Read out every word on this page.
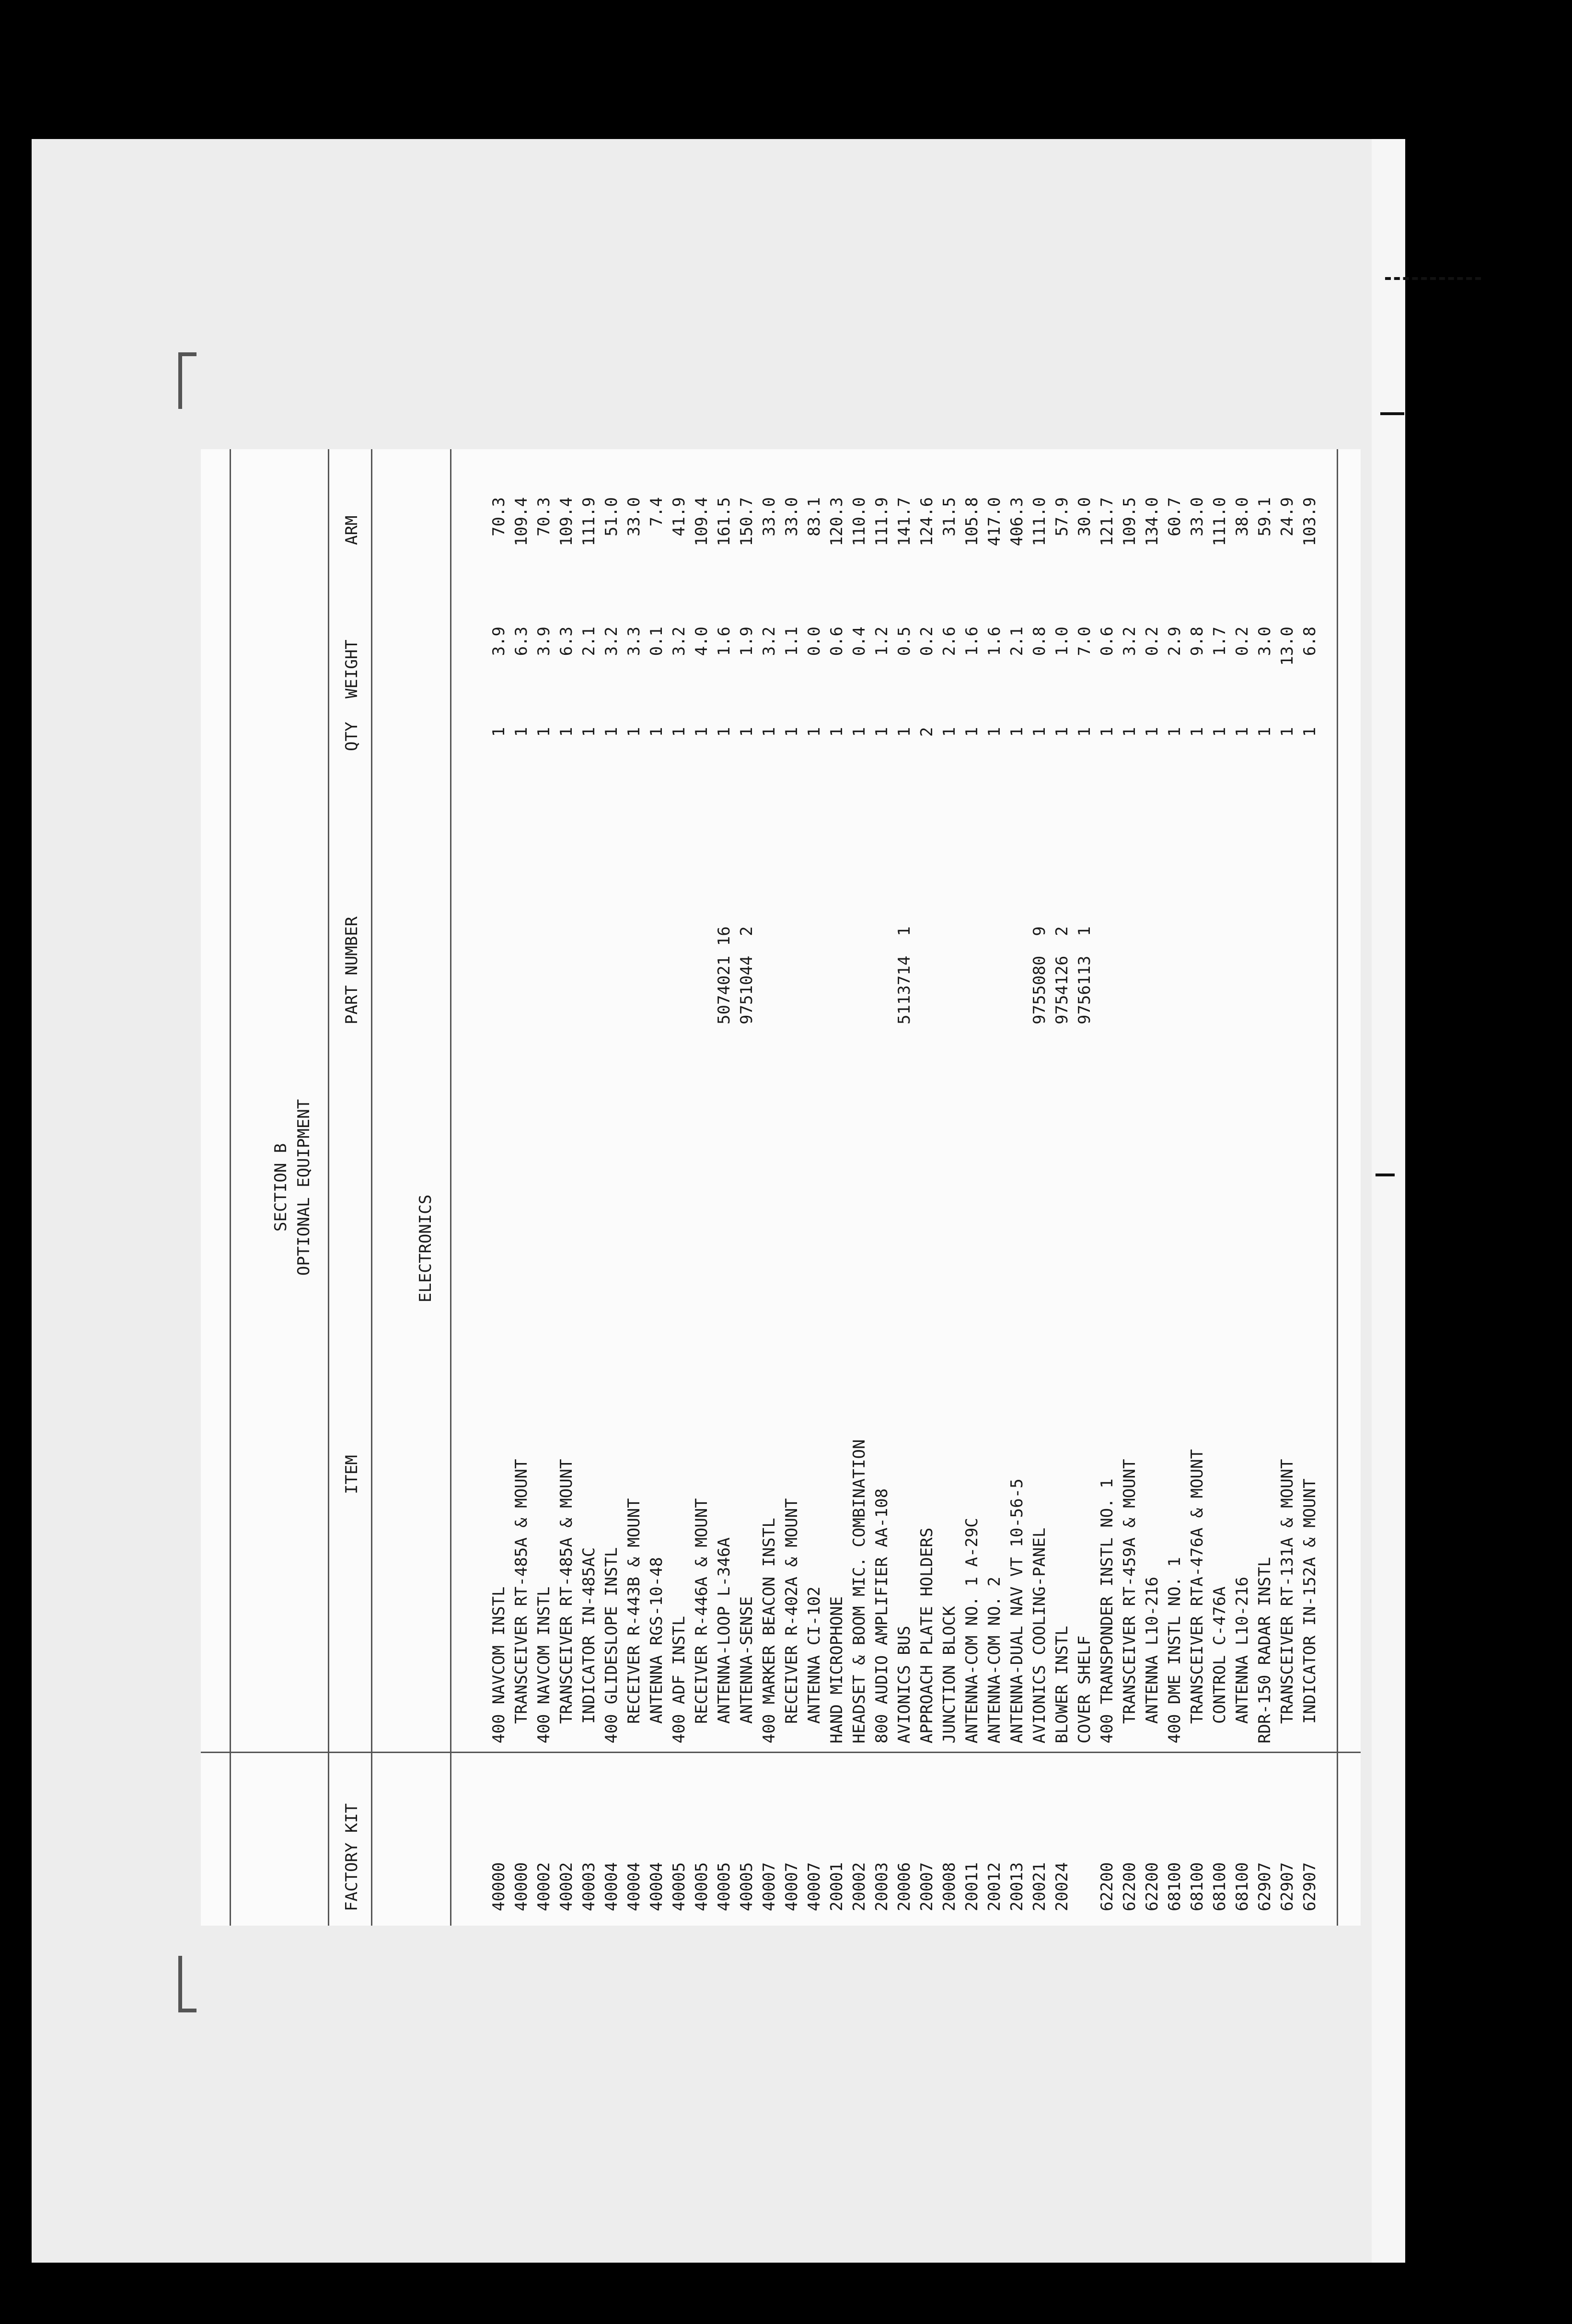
SECTION B OPTIONAL EQUIPMENT
FACTORY KIT
ITEM
PART NUMBER
QTY
WEIGHT
ARM
ELECTRONICS
40000
400 NAVCOM INSTL
1
3.9
70.3
40000
TRANSCEIVER RT-485A & MOUNT
1
6.3
109.4
40002
400 NAVCOM INSTL
1
3.9
70.3
40002
TRANSCEIVER RT-485A & MOUNT
1
6.3
109.4
40003
INDICATOR IN-485AC
1
2.1
111.9
40004
400 GLIDESLOPE INSTL
1
3.2
51.0
40004
RECEIVER R-443B & MOUNT
1
3.3
33.0
40004
ANTENNA RGS-10-48
1
0.1
7.4
40005
400 ADF INSTL
1
3.2
41.9
40005
RECEIVER R-446A & MOUNT
1
4.0
109.4
40005
ANTENNA-LOOP L-346A
5074021 16
1
1.6
161.5
40005
ANTENNA-SENSE
9751044  2
1
1.9
150.7
40007
400 MARKER BEACON INSTL
1
3.2
33.0
40007
RECEIVER R-402A & MOUNT
1
1.1
33.0
40007
ANTENNA CI-102
1
0.0
83.1
20001
HAND MICROPHONE
1
0.6
120.3
20002
HEADSET & BOOM MIC. COMBINATION
1
0.4
110.0
20003
800 AUDIO AMPLIFIER AA-108
1
1.2
111.9
20006
AVIONICS BUS
5113714  1
1
0.5
141.7
20007
APPROACH PLATE HOLDERS
2
0.2
124.6
20008
JUNCTION BLOCK
1
2.6
31.5
20011
ANTENNA-COM NO. 1 A-29C
1
1.6
105.8
20012
ANTENNA-COM NO. 2
1
1.6
417.0
20013
ANTENNA-DUAL NAV VT 10-56-5
1
2.1
406.3
20021
AVIONICS COOLING-PANEL
9755080  9
1
0.8
111.0
20024
BLOWER INSTL
9754126  2
1
1.0
57.9
COVER SHELF
9756113  1
1
7.0
30.0
62200
400 TRANSPONDER INSTL NO. 1
1
0.6
121.7
62200
TRANSCEIVER RT-459A & MOUNT
1
3.2
109.5
62200
ANTENNA L10-216
1
0.2
134.0
68100
400 DME INSTL NO. 1
1
2.9
60.7
68100
TRANSCEIVER RTA-476A & MOUNT
1
9.8
33.0
68100
CONTROL C-476A
1
1.7
111.0
68100
ANTENNA L10-216
1
0.2
38.0
62907
RDR-150 RADAR INSTL
1
3.0
59.1
62907
TRANSCEIVER RT-131A & MOUNT
1
13.0
24.9
62907
INDICATOR IN-152A & MOUNT
1
6.8
103.9
